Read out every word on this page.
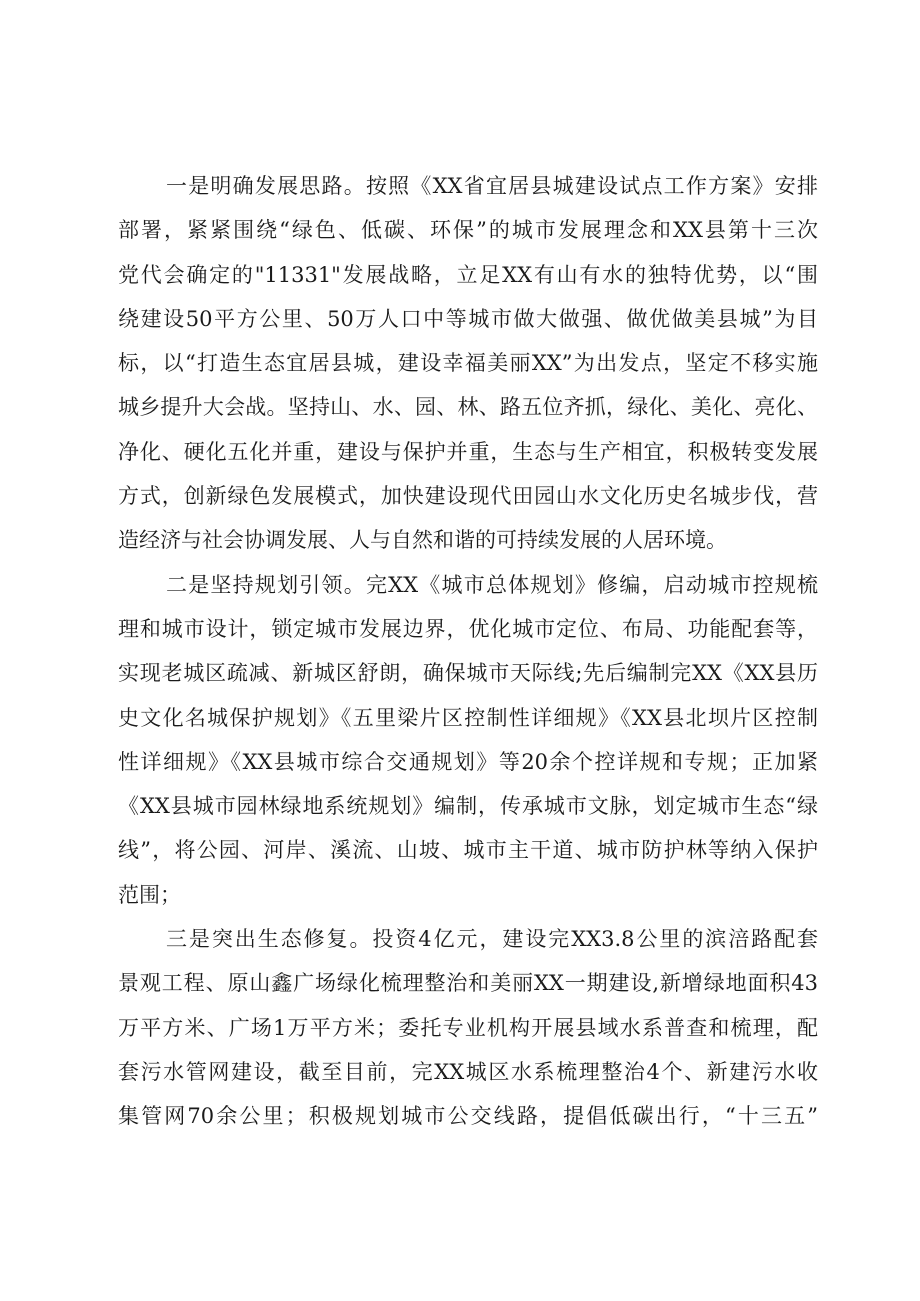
一是明确发展思路。按照《XX省宜居县城建设试点工作方案》安排
部署，紧紧围绕“绿色、低碳、环保”的城市发展理念和XX县第十三次
党代会确定的"11331"发展战略，立足XX有山有水的独特优势，以“围
绕建设50平方公里、50万人口中等城市做大做强、做优做美县城”为目
标，以“打造生态宜居县城，建设幸福美丽XX”为出发点，坚定不移实施
城乡提升大会战。坚持山、水、园、林、路五位齐抓，绿化、美化、亮化、
净化、硬化五化并重，建设与保护并重，生态与生产相宜，积极转变发展
方式，创新绿色发展模式，加快建设现代田园山水文化历史名城步伐，营
造经济与社会协调发展、人与自然和谐的可持续发展的人居环境。
二是坚持规划引领。完XX《城市总体规划》修编，启动城市控规梳
理和城市设计，锁定城市发展边界，优化城市定位、布局、功能配套等，
实现老城区疏减、新城区舒朗，确保城市天际线;先后编制完XX《XX县历
史文化名城保护规划》《五里梁片区控制性详细规》《XX县北坝片区控制
性详细规》《XX县城市综合交通规划》等20余个控详规和专规；正加紧
《XX县城市园林绿地系统规划》编制，传承城市文脉，划定城市生态“绿
线”，将公园、河岸、溪流、山坡、城市主干道、城市防护林等纳入保护
范围；
三是突出生态修复。投资4亿元，建设完XX3.8公里的滨涪路配套
景观工程、原山鑫广场绿化梳理整治和美丽XX一期建设,新增绿地面积43
万平方米、广场1万平方米；委托专业机构开展县域水系普查和梳理，配
套污水管网建设，截至目前，完XX城区水系梳理整治4个、新建污水收
集管网70余公里；积极规划城市公交线路，提倡低碳出行，“十三五”
